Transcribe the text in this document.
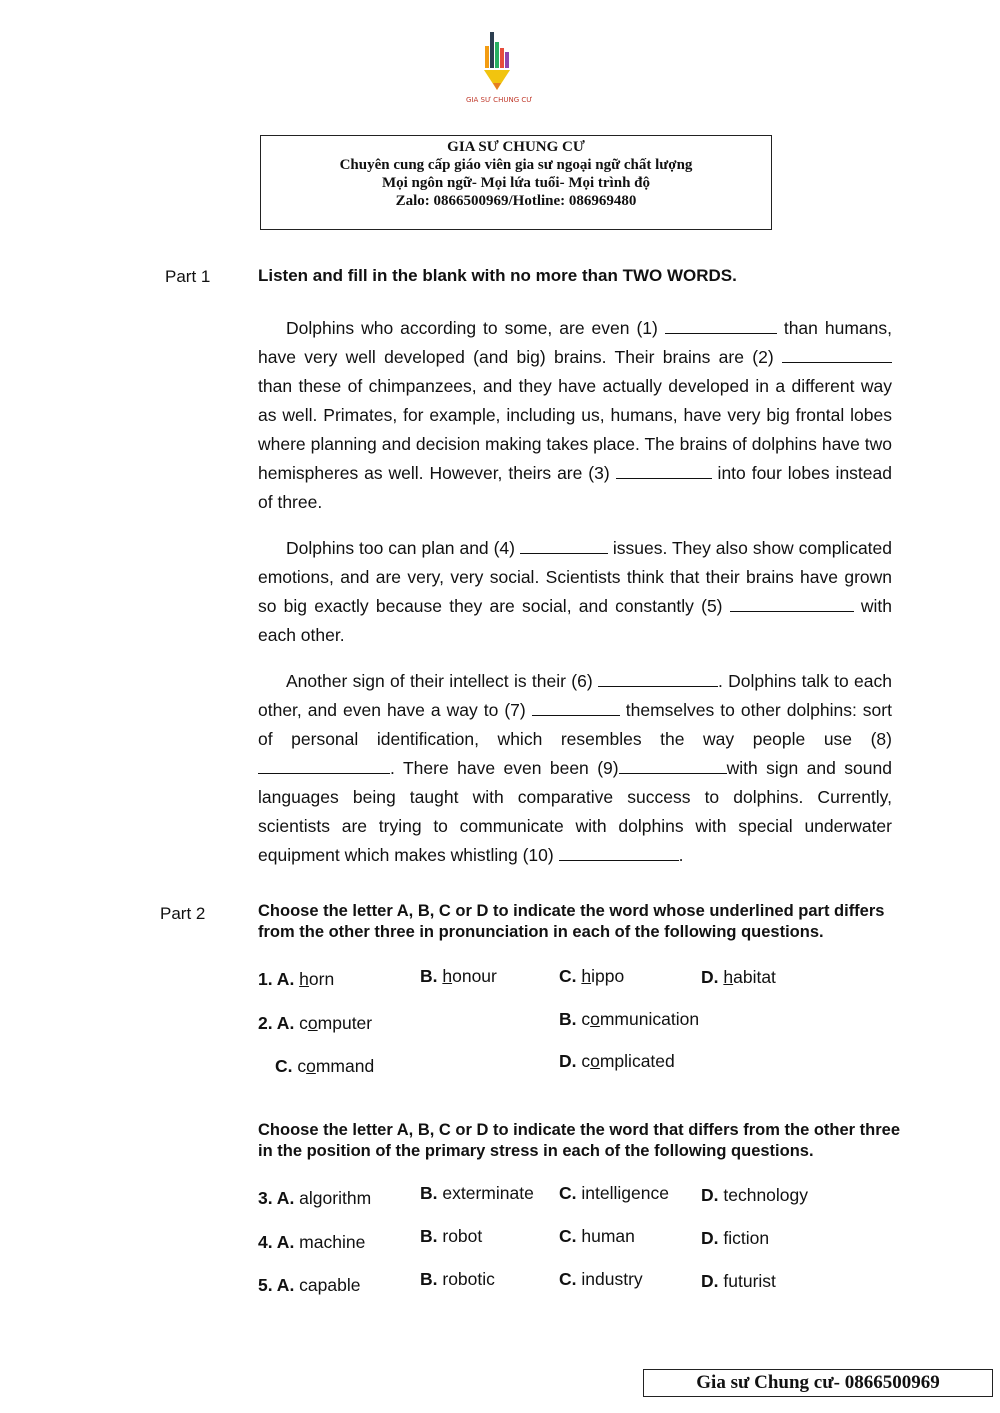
GIA SƯ CHUNG CƯ
GIA SƯ CHUNG CƯ
Chuyên cung cấp giáo viên gia sư ngoại ngữ chất lượng
Mọi ngôn ngữ- Mọi lứa tuổi- Mọi trình độ
Zalo: 0866500969/Hotline: 086969480
Part 1	Listen and fill in the blank with no more than TWO WORDS.
Dolphins who according to some, are even (1)	than humans, have very well developed (and big) brains. Their brains are (2)  than these of chimpanzees, and they have actually developed in a different way as well. Primates, for example, including us, humans, have very big frontal lobes where planning and decision making takes place. The brains of dolphins have two hemispheres as well. However, theirs are (3)	into four lobes instead of three.
Dolphins too can plan and (4)	issues. They also show complicated emotions, and are very, very social. Scientists think that their brains have grown so big exactly because they are social, and constantly (5)	with each other.
Another sign of their intellect is their (6)	. Dolphins talk to each other, and even have a way to (7)	themselves to other dolphins: sort of personal identification, which resembles the way people use (8) . There have even been (9)	with sign and sound languages being taught with comparative success to dolphins. Currently, scientists are trying to communicate with dolphins with special underwater equipment which makes whistling (10)	.
Part 2	Choose the letter A, B, C or D to indicate the word whose underlined part differs from the other three in pronunciation in each of the following questions.
1. A. horn	B. honour	C. hippo	D. habitat
2. A. computer	B. communication
C. command	D. complicated
Choose the letter A, B, C or D to indicate the word that differs from the other three in the position of the primary stress in each of the following questions.
3. A. algorithm	B. exterminate C. intelligence D. technology
4. A. machine	B. robot	C. human	D. fiction
5. A. capable	B. robotic	C. industry	D. futurist
Gia sư Chung cư- 0866500969
